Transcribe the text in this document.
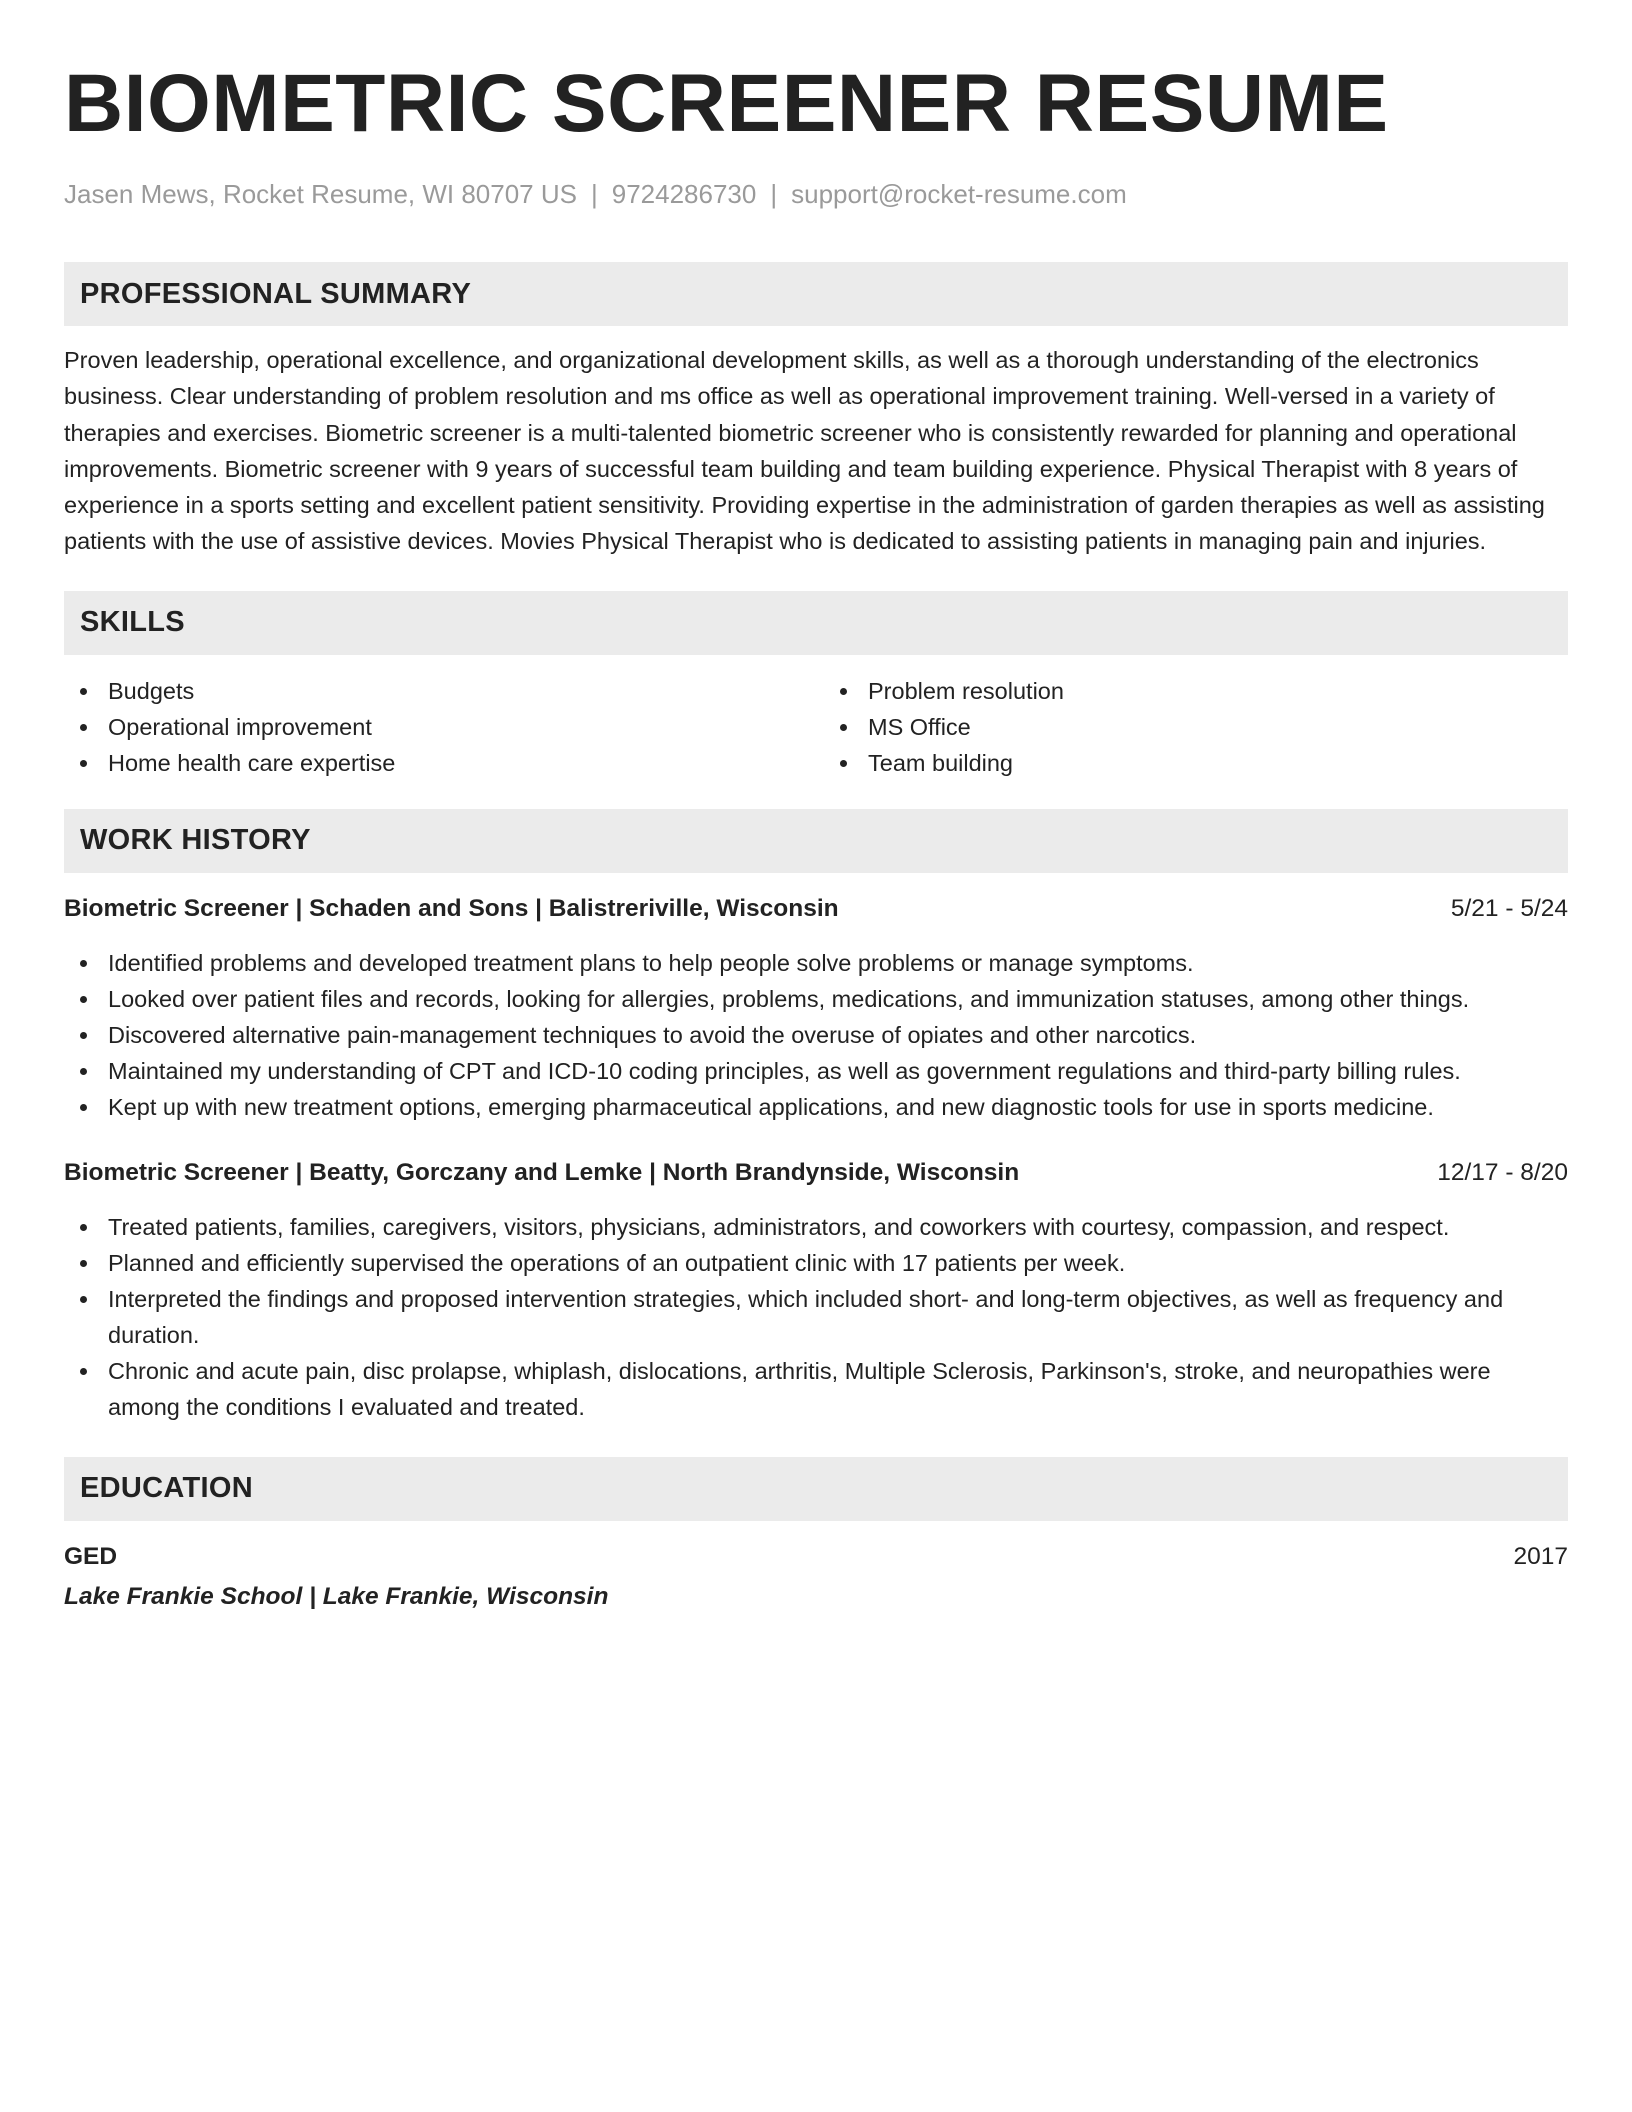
BIOMETRIC SCREENER RESUME
Jasen Mews, Rocket Resume, WI 80707 US | 9724286730 | support@rocket-resume.com
PROFESSIONAL SUMMARY

Proven leadership, operational excellence, and organizational development skills, as well as a thorough understanding of the electronics business. Clear understanding of problem resolution and ms office as well as operational improvement training. Well-versed in a variety of therapies and exercises. Biometric screener is a multi-talented biometric screener who is consistently rewarded for planning and operational improvements. Biometric screener with 9 years of successful team building and team building experience. Physical Therapist with 8 years of experience in a sports setting and excellent patient sensitivity. Providing expertise in the administration of garden therapies as well as assisting patients with the use of assistive devices. Movies Physical Therapist who is dedicated to assisting patients in managing pain and injuries.

SKILLS
Budgets
Operational improvement
Home health care expertise
Problem resolution
MS Office
Team building
WORK HISTORY
Biometric Screener | Schaden and Sons | Balistreriville, Wisconsin	5/21 - 5/24
Identified problems and developed treatment plans to help people solve problems or manage symptoms.
Looked over patient files and records, looking for allergies, problems, medications, and immunization statuses, among other things.
Discovered alternative pain-management techniques to avoid the overuse of opiates and other narcotics.
Maintained my understanding of CPT and ICD-10 coding principles, as well as government regulations and third-party billing rules.
Kept up with new treatment options, emerging pharmaceutical applications, and new diagnostic tools for use in sports medicine.
Biometric Screener | Beatty, Gorczany and Lemke | North Brandynside, Wisconsin	12/17 - 8/20
Treated patients, families, caregivers, visitors, physicians, administrators, and coworkers with courtesy, compassion, and respect.
Planned and efficiently supervised the operations of an outpatient clinic with 17 patients per week.
Interpreted the findings and proposed intervention strategies, which included short- and long-term objectives, as well as frequency and duration.
Chronic and acute pain, disc prolapse, whiplash, dislocations, arthritis, Multiple Sclerosis, Parkinson's, stroke, and neuropathies were among the conditions I evaluated and treated.
EDUCATION
GED	2017
Lake Frankie School | Lake Frankie, Wisconsin
